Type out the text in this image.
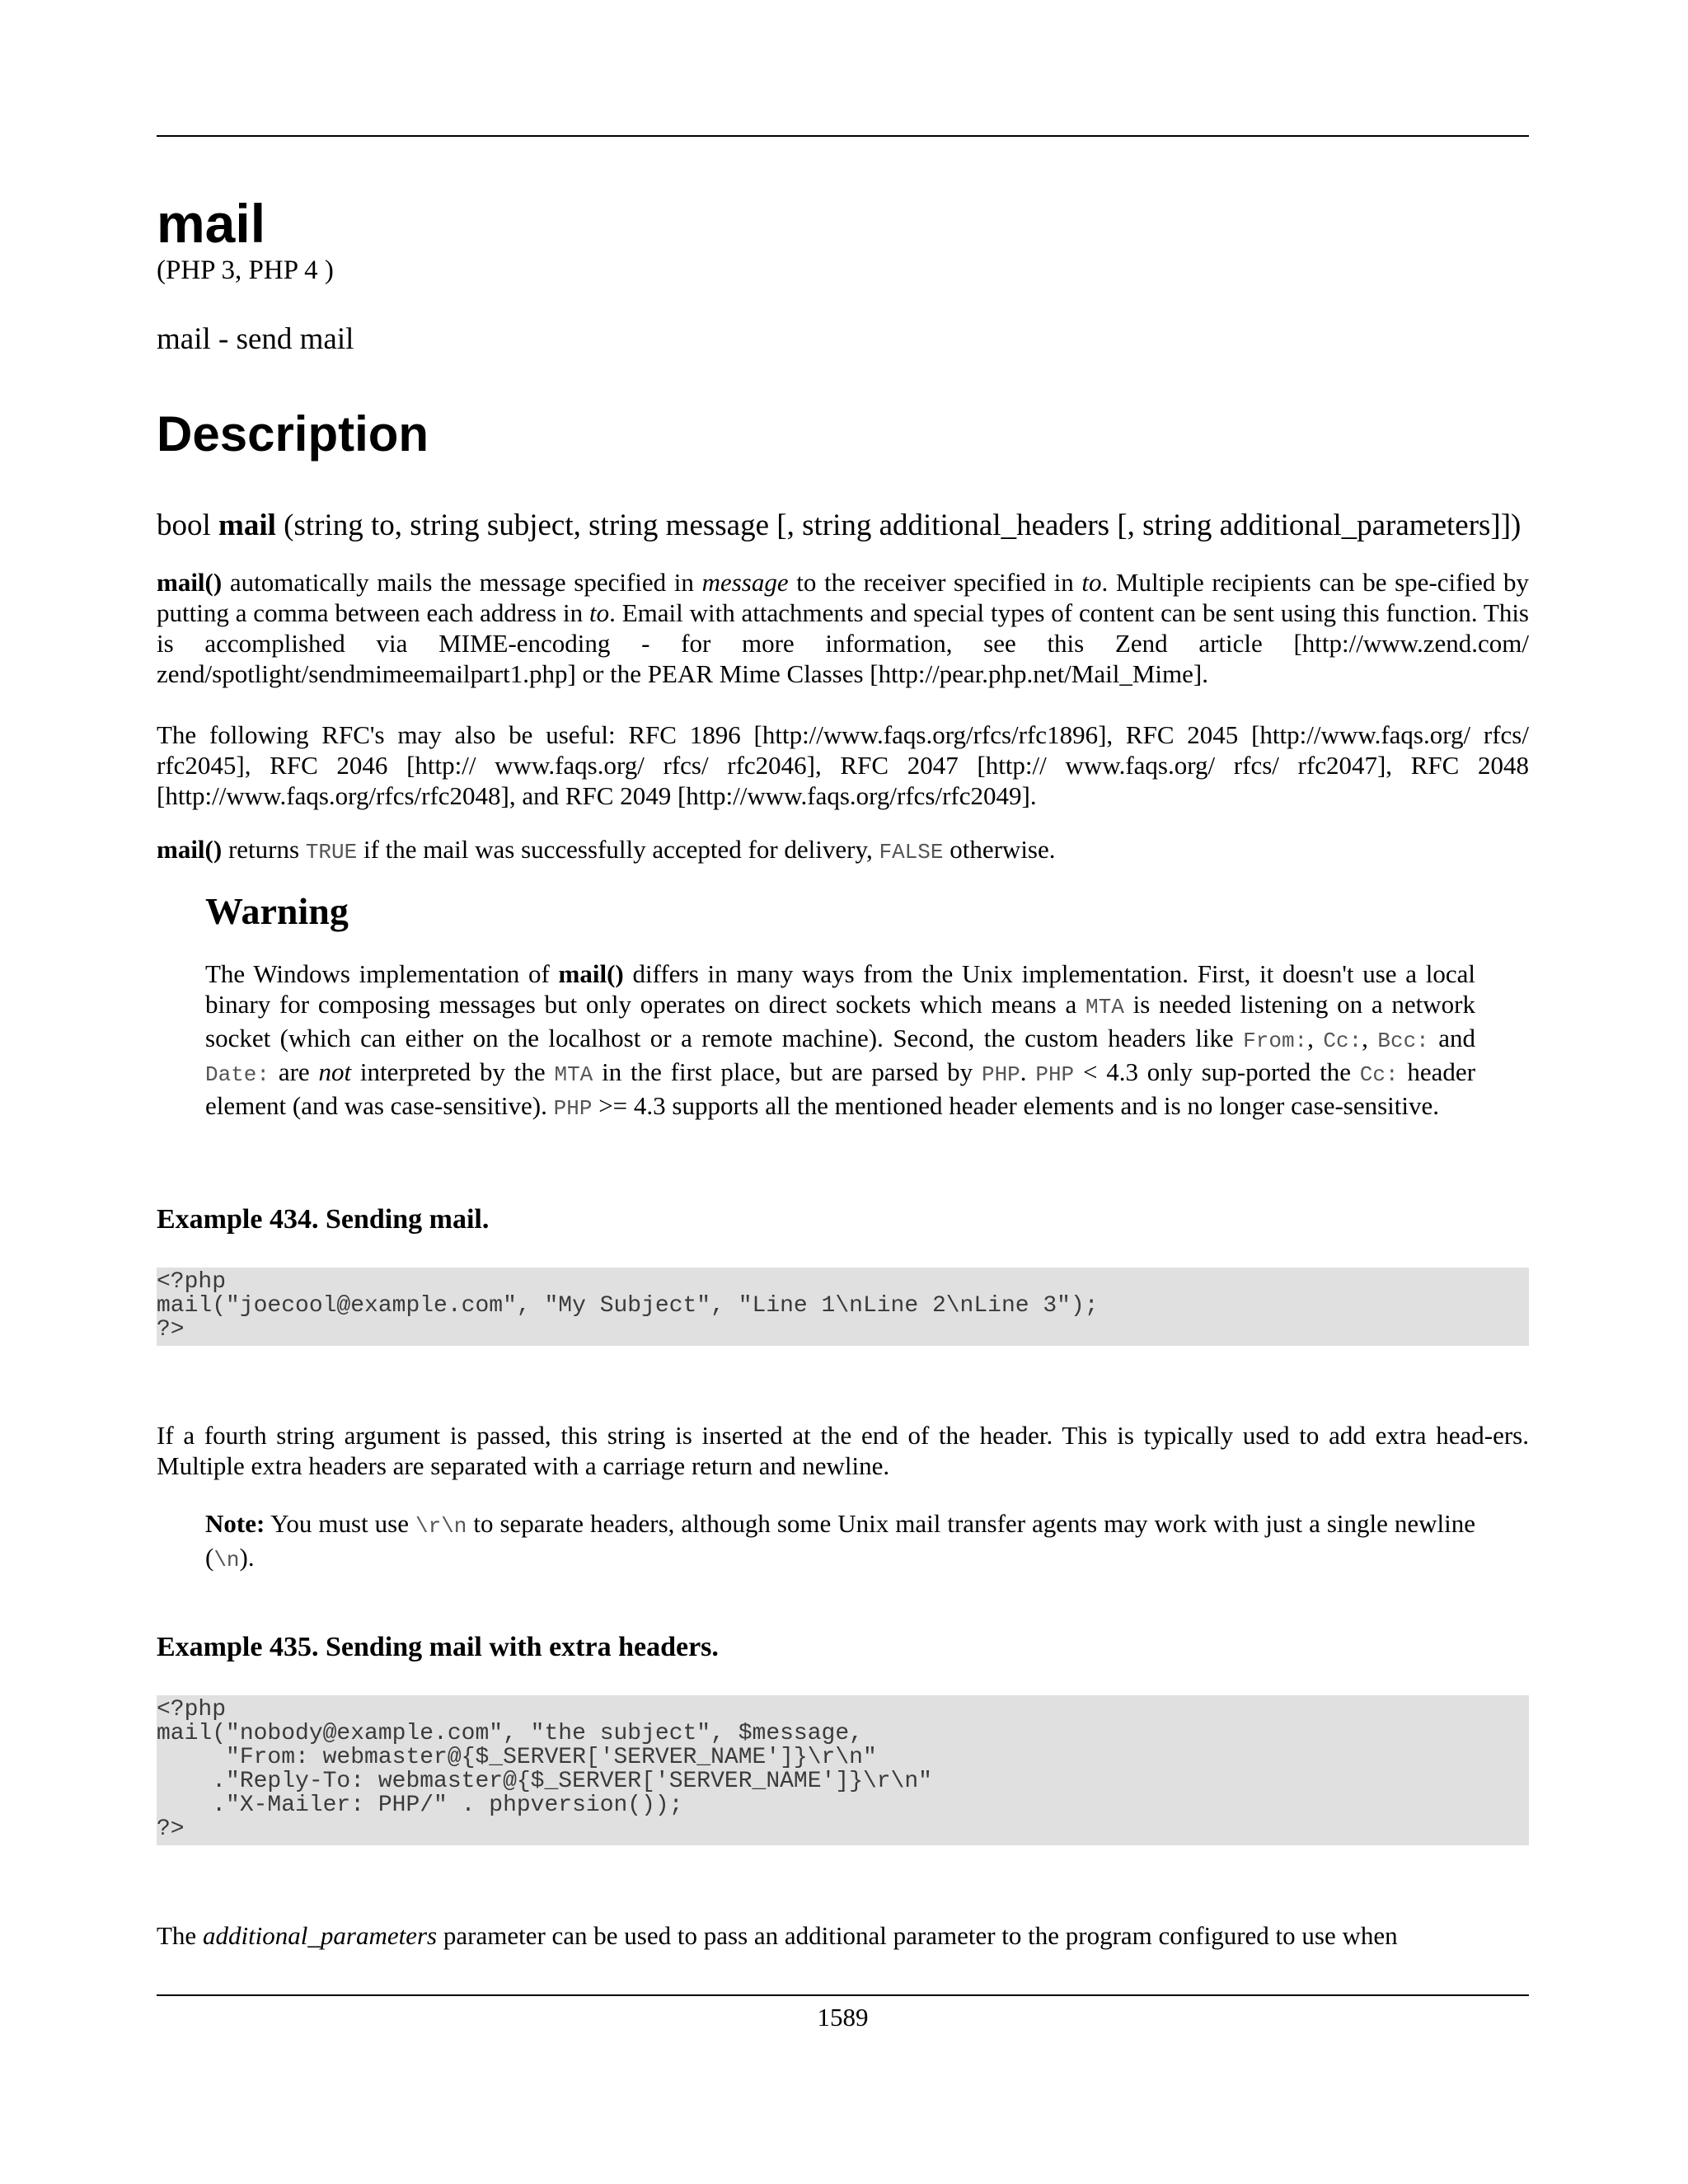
mail
(PHP 3, PHP 4 )
mail - send mail
Description
bool mail (string to, string subject, string message [, string additional_headers [, string additional_parameters]])

mail() automatically mails the message specified in message to the receiver specified in to. Multiple recipients can be spe-cified by putting a comma between each address in to. Email with attachments and special types of content can be sent using this function. This is accomplished via MIME-encoding - for more information, see this Zend article [http://www.zend.com/ zend/spotlight/sendmimeemailpart1.php] or the PEAR Mime Classes [http://pear.php.net/Mail_Mime].

The following RFC's may also be useful: RFC 1896 [http://www.faqs.org/rfcs/rfc1896], RFC 2045 [http://www.faqs.org/ rfcs/ rfc2045], RFC 2046 [http:// www.faqs.org/ rfcs/ rfc2046], RFC 2047 [http:// www.faqs.org/ rfcs/ rfc2047], RFC 2048 [http://www.faqs.org/rfcs/rfc2048], and RFC 2049 [http://www.faqs.org/rfcs/rfc2049].

mail() returns TRUE if the mail was successfully accepted for delivery, FALSE otherwise.

Warning

The Windows implementation of mail() differs in many ways from the Unix implementation. First, it doesn't use a local binary for composing messages but only operates on direct sockets which means a MTA is needed listening on a network socket (which can either on the localhost or a remote machine). Second, the custom headers like From:, Cc:, Bcc: and Date: are not interpreted by the MTA in the first place, but are parsed by PHP. PHP < 4.3 only sup-ported the Cc: header element (and was case-sensitive). PHP >= 4.3 supports all the mentioned header elements and is no longer case-sensitive.

Example 434. Sending mail.
<?php
mail("joecool@example.com", "My Subject", "Line 1\nLine 2\nLine 3");
?>

If a fourth string argument is passed, this string is inserted at the end of the header. This is typically used to add extra head-ers. Multiple extra headers are separated with a carriage return and newline.

Note: You must use \r\n to separate headers, although some Unix mail transfer agents may work with just a single newline (\n).

Example 435. Sending mail with extra headers.
<?php
mail("nobody@example.com", "the subject", $message,
"From: webmaster@{$_SERVER['SERVER_NAME']}\r\n"
."Reply-To: webmaster@{$_SERVER['SERVER_NAME']}\r\n"
."X-Mailer: PHP/" . phpversion());
?>

The additional_parameters parameter can be used to pass an additional parameter to the program configured to use when

1589
